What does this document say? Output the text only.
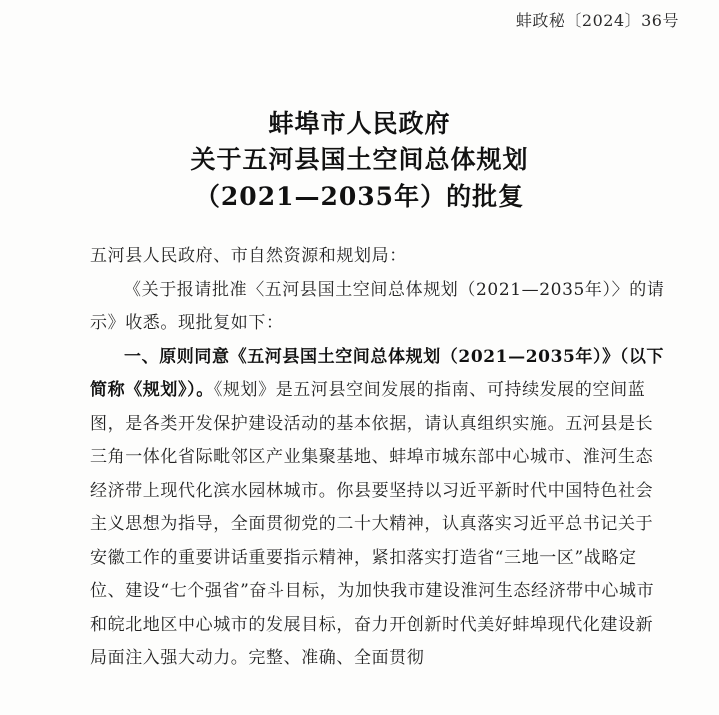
蚌政秘〔2024〕36号
蚌埠市人民政府
关于五河县国土空间总体规划
（2021—2035年）的批复

五河县人民政府、市自然资源和规划局：

《关于报请批准〈五河县国土空间总体规划（2021—2035年）〉的请示》收悉。现批复如下：

一、原则同意《五河县国土空间总体规划（2021—2035年）》（以下简称《规划》）。《规划》是五河县空间发展的指南、可持续发展的空间蓝图，是各类开发保护建设活动的基本依据，请认真组织实施。五河县是长三角一体化省际毗邻区产业集聚基地、蚌埠市城东部中心城市、淮河生态经济带上现代化滨水园林城市。你县要坚持以习近平新时代中国特色社会主义思想为指导，全面贯彻党的二十大精神，认真落实习近平总书记关于安徽工作的重要讲话重要指示精神，紧扣落实打造省“三地一区”战略定位、建设“七个强省”奋斗目标，为加快我市建设淮河生态经济带中心城市和皖北地区中心城市的发展目标，奋力开创新时代美好蚌埠现代化建设新局面注入强大动力。完整、准确、全面贯彻
